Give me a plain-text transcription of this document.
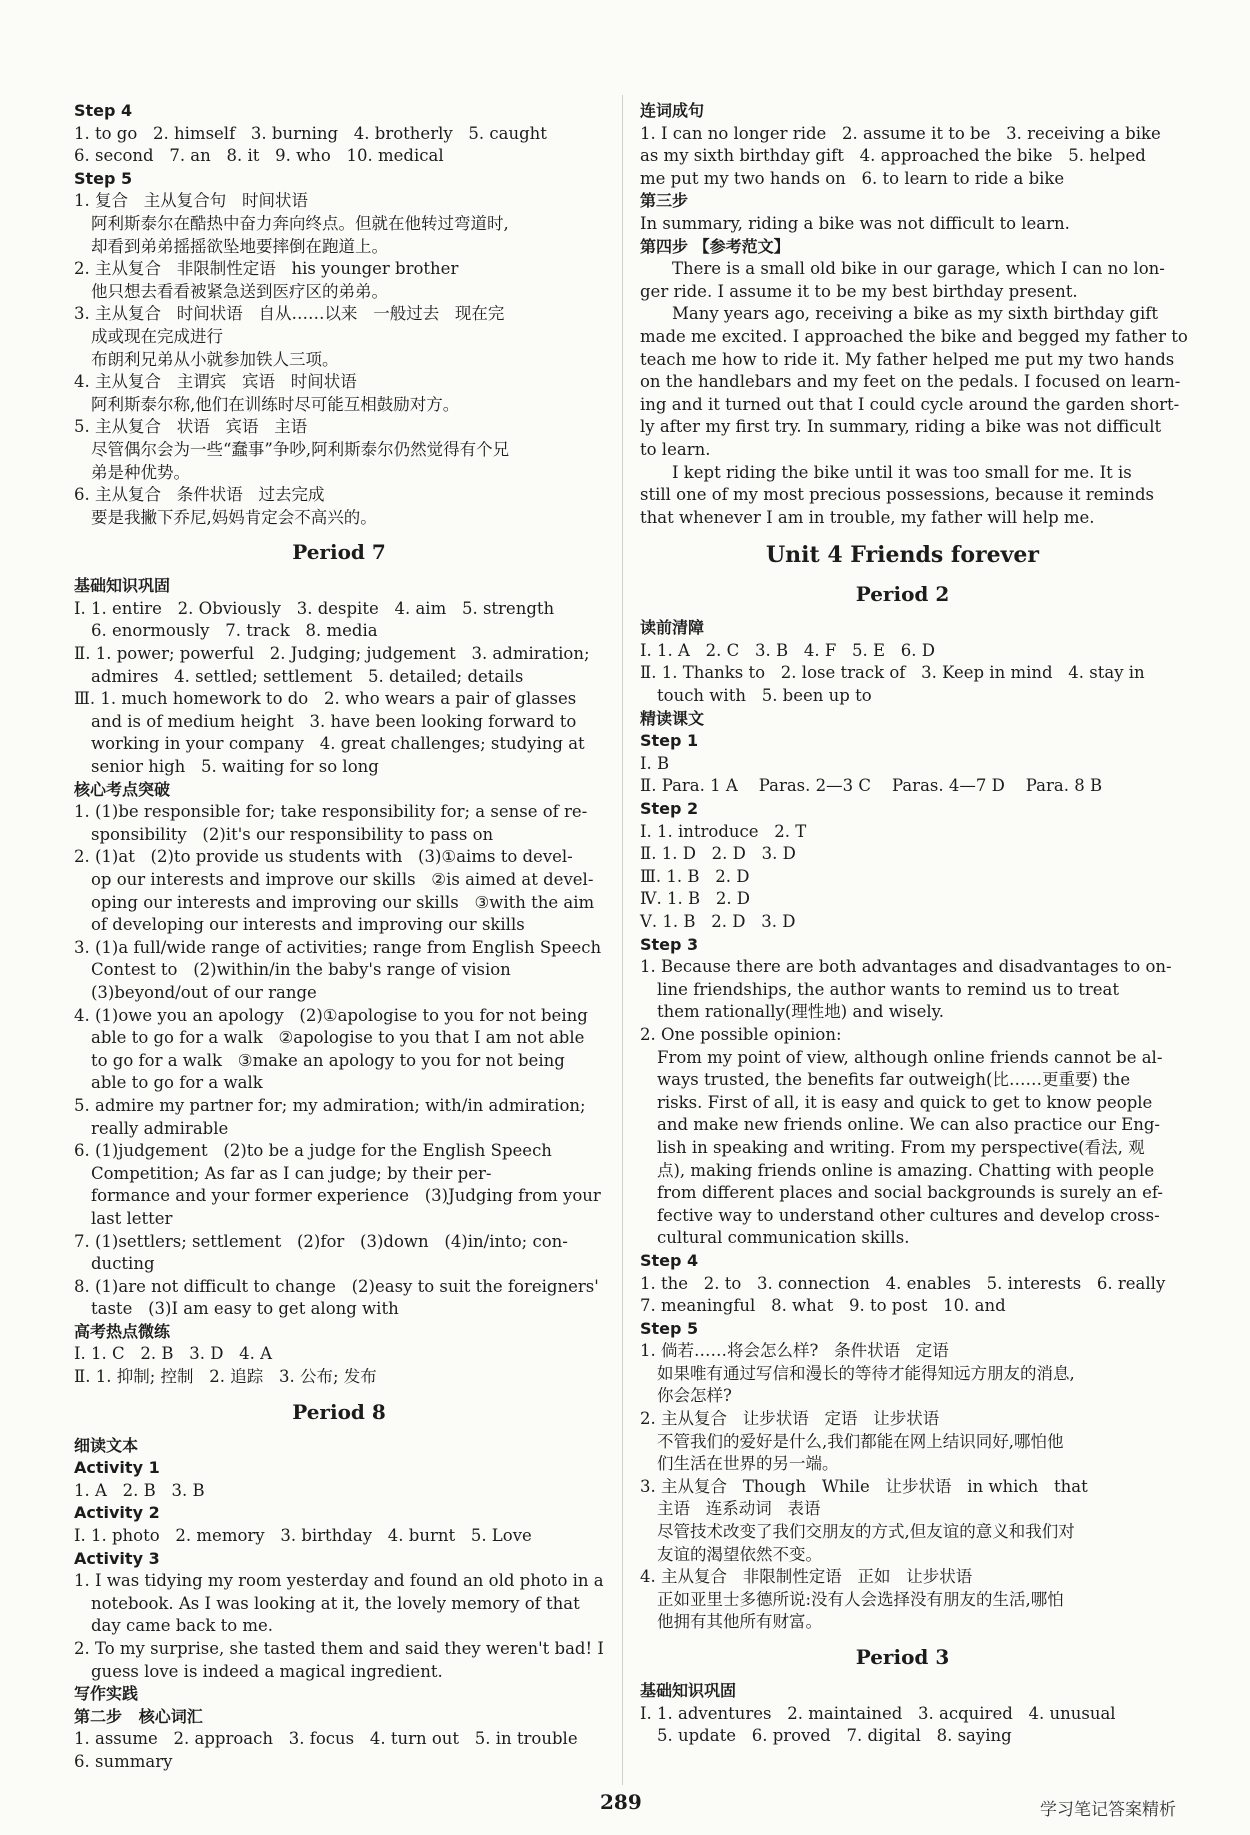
Step 4
1. to go   2. himself   3. burning   4. brotherly   5. caught
6. second   7. an   8. it   9. who   10. medical
Step 5
1. 复合   主从复合句   时间状语
阿利斯泰尔在酷热中奋力奔向终点。但就在他转过弯道时,
却看到弟弟摇摇欲坠地要摔倒在跑道上。
2. 主从复合   非限制性定语   his younger brother
他只想去看看被紧急送到医疗区的弟弟。
3. 主从复合   时间状语   自从……以来   一般过去   现在完
成或现在完成进行
布朗利兄弟从小就参加铁人三项。
4. 主从复合   主谓宾   宾语   时间状语
阿利斯泰尔称,他们在训练时尽可能互相鼓励对方。
5. 主从复合   状语   宾语   主语
尽管偶尔会为一些“蠢事”争吵,阿利斯泰尔仍然觉得有个兄
弟是种优势。
6. 主从复合   条件状语   过去完成
要是我撇下乔尼,妈妈肯定会不高兴的。
Period 7
基础知识巩固
Ⅰ. 1. entire   2. Obviously   3. despite   4. aim   5. strength
6. enormously   7. track   8. media
Ⅱ. 1. power; powerful   2. Judging; judgement   3. admiration;
admires   4. settled; settlement   5. detailed; details
Ⅲ. 1. much homework to do   2. who wears a pair of glasses
and is of medium height   3. have been looking forward to
working in your company   4. great challenges; studying at
senior high   5. waiting for so long
核心考点突破
1. (1)be responsible for; take responsibility for; a sense of re-
sponsibility   (2)it's our responsibility to pass on
2. (1)at   (2)to provide us students with   (3)①aims to devel-
op our interests and improve our skills   ②is aimed at devel-
oping our interests and improving our skills   ③with the aim
of developing our interests and improving our skills
3. (1)a full/wide range of activities; range from English Speech
Contest to   (2)within/in the baby's range of vision
(3)beyond/out of our range
4. (1)owe you an apology   (2)①apologise to you for not being
able to go for a walk   ②apologise to you that I am not able
to go for a walk   ③make an apology to you for not being
able to go for a walk
5. admire my partner for; my admiration; with/in admiration;
really admirable
6. (1)judgement   (2)to be a judge for the English Speech
Competition; As far as I can judge; by their per-
formance and your former experience   (3)Judging from your
last letter
7. (1)settlers; settlement   (2)for   (3)down   (4)in/into; con-
ducting
8. (1)are not difficult to change   (2)easy to suit the foreigners'
taste   (3)I am easy to get along with
高考热点微练
Ⅰ. 1. C   2. B   3. D   4. A
Ⅱ. 1. 抑制; 控制   2. 追踪   3. 公布; 发布
Period 8
细读文本
Activity 1
1. A   2. B   3. B
Activity 2
Ⅰ. 1. photo   2. memory   3. birthday   4. burnt   5. Love
Activity 3
1. I was tidying my room yesterday and found an old photo in a
notebook. As I was looking at it, the lovely memory of that
day came back to me.
2. To my surprise, she tasted them and said they weren't bad! I
guess love is indeed a magical ingredient.
写作实践
第二步   核心词汇
1. assume   2. approach   3. focus   4. turn out   5. in trouble
6. summary
连词成句
1. I can no longer ride   2. assume it to be   3. receiving a bike
as my sixth birthday gift   4. approached the bike   5. helped
me put my two hands on   6. to learn to ride a bike
第三步
In summary, riding a bike was not difficult to learn.
第四步 【参考范文】
There is a small old bike in our garage, which I can no lon-
ger ride. I assume it to be my best birthday present.
Many years ago, receiving a bike as my sixth birthday gift
made me excited. I approached the bike and begged my father to
teach me how to ride it. My father helped me put my two hands
on the handlebars and my feet on the pedals. I focused on learn-
ing and it turned out that I could cycle around the garden short-
ly after my first try. In summary, riding a bike was not difficult
to learn.
I kept riding the bike until it was too small for me. It is
still one of my most precious possessions, because it reminds
that whenever I am in trouble, my father will help me.
Unit 4 Friends forever
Period 2
读前清障
Ⅰ. 1. A   2. C   3. B   4. F   5. E   6. D
Ⅱ. 1. Thanks to   2. lose track of   3. Keep in mind   4. stay in
touch with   5. been up to
精读课文
Step 1
Ⅰ. B
Ⅱ. Para. 1 A    Paras. 2—3 C    Paras. 4—7 D    Para. 8 B
Step 2
Ⅰ. 1. introduce   2. T
Ⅱ. 1. D   2. D   3. D
Ⅲ. 1. B   2. D
Ⅳ. 1. B   2. D
Ⅴ. 1. B   2. D   3. D
Step 3
1. Because there are both advantages and disadvantages to on-
line friendships, the author wants to remind us to treat
them rationally(理性地) and wisely.
2. One possible opinion:
From my point of view, although online friends cannot be al-
ways trusted, the benefits far outweigh(比……更重要) the
risks. First of all, it is easy and quick to get to know people
and make new friends online. We can also practice our Eng-
lish in speaking and writing. From my perspective(看法, 观
点), making friends online is amazing. Chatting with people
from different places and social backgrounds is surely an ef-
fective way to understand other cultures and develop cross-
cultural communication skills.
Step 4
1. the   2. to   3. connection   4. enables   5. interests   6. really
7. meaningful   8. what   9. to post   10. and
Step 5
1. 倘若……将会怎么样?   条件状语   定语
如果唯有通过写信和漫长的等待才能得知远方朋友的消息,
你会怎样?
2. 主从复合   让步状语   定语   让步状语
不管我们的爱好是什么,我们都能在网上结识同好,哪怕他
们生活在世界的另一端。
3. 主从复合   Though   While   让步状语   in which   that
主语   连系动词   表语
尽管技术改变了我们交朋友的方式,但友谊的意义和我们对
友谊的渴望依然不变。
4. 主从复合   非限制性定语   正如   让步状语
正如亚里士多德所说:没有人会选择没有朋友的生活,哪怕
他拥有其他所有财富。
Period 3
基础知识巩固
Ⅰ. 1. adventures   2. maintained   3. acquired   4. unusual
5. update   6. proved   7. digital   8. saying
289	学习笔记答案精析
